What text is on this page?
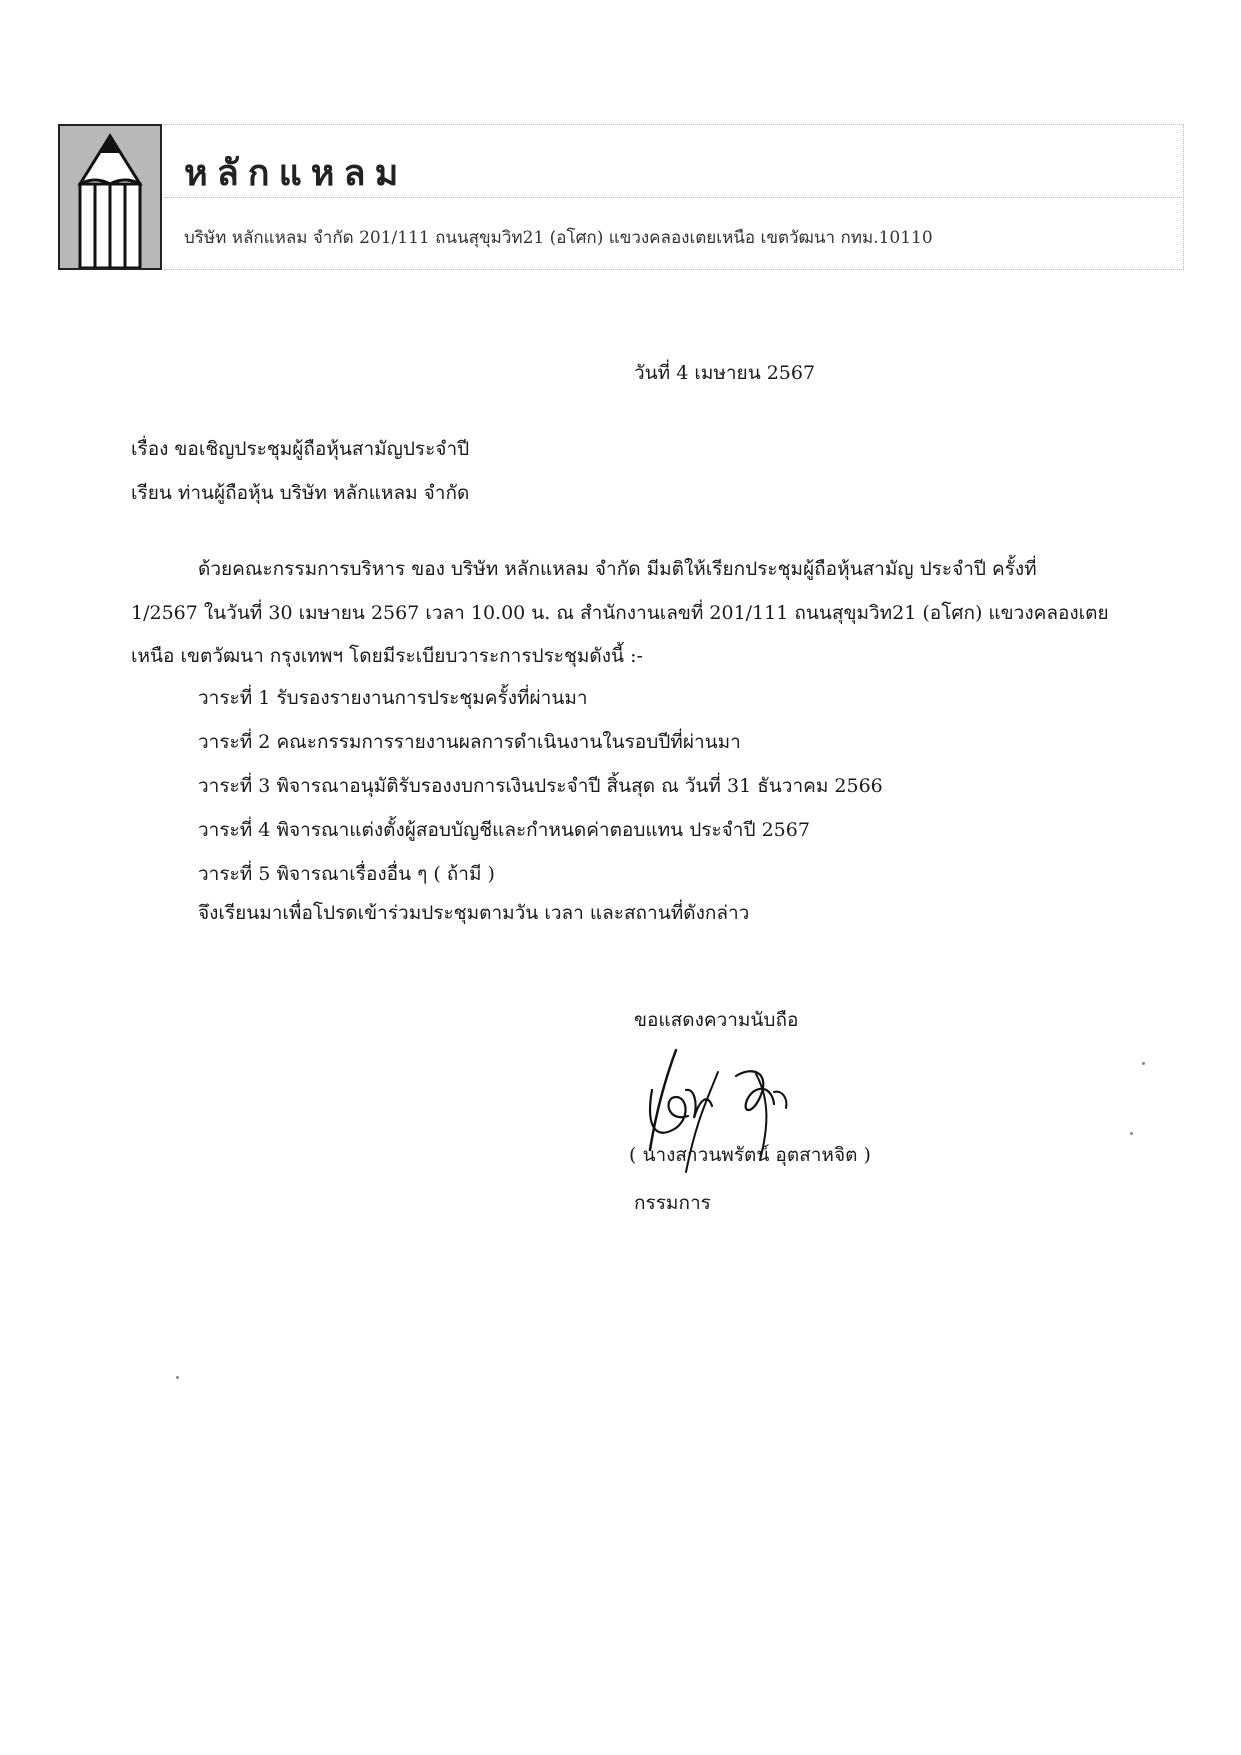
หลักแหลม
บริษัท หลักแหลม จำกัด 201/111 ถนนสุขุมวิท21 (อโศก) แขวงคลองเตยเหนือ เขตวัฒนา กทม.10110
วันที่ 4 เมษายน 2567
เรื่อง ขอเชิญประชุมผู้ถือหุ้นสามัญประจำปี
เรียน ท่านผู้ถือหุ้น บริษัท หลักแหลม จำกัด
ด้วยคณะกรรมการบริหาร ของ บริษัท หลักแหลม จำกัด มีมติให้เรียกประชุมผู้ถือหุ้นสามัญ ประจำปี ครั้งที่
1/2567 ในวันที่ 30 เมษายน 2567 เวลา 10.00 น. ณ สำนักงานเลขที่ 201/111 ถนนสุขุมวิท21 (อโศก) แขวงคลองเตย
เหนือ เขตวัฒนา กรุงเทพฯ โดยมีระเบียบวาระการประชุมดังนี้ :-
วาระที่ 1 รับรองรายงานการประชุมครั้งที่ผ่านมา
วาระที่ 2 คณะกรรมการรายงานผลการดำเนินงานในรอบปีที่ผ่านมา
วาระที่ 3 พิจารณาอนุมัติรับรองงบการเงินประจำปี สิ้นสุด ณ วันที่ 31 ธันวาคม 2566
วาระที่ 4 พิจารณาแต่งตั้งผู้สอบบัญชีและกำหนดค่าตอบแทน ประจำปี 2567
วาระที่ 5 พิจารณาเรื่องอื่น ๆ ( ถ้ามี )
จึงเรียนมาเพื่อโปรดเข้าร่วมประชุมตามวัน เวลา และสถานที่ดังกล่าว
ขอแสดงความนับถือ
( นางสาวนพรัตน์ อุตสาหจิต )
กรรมการ
